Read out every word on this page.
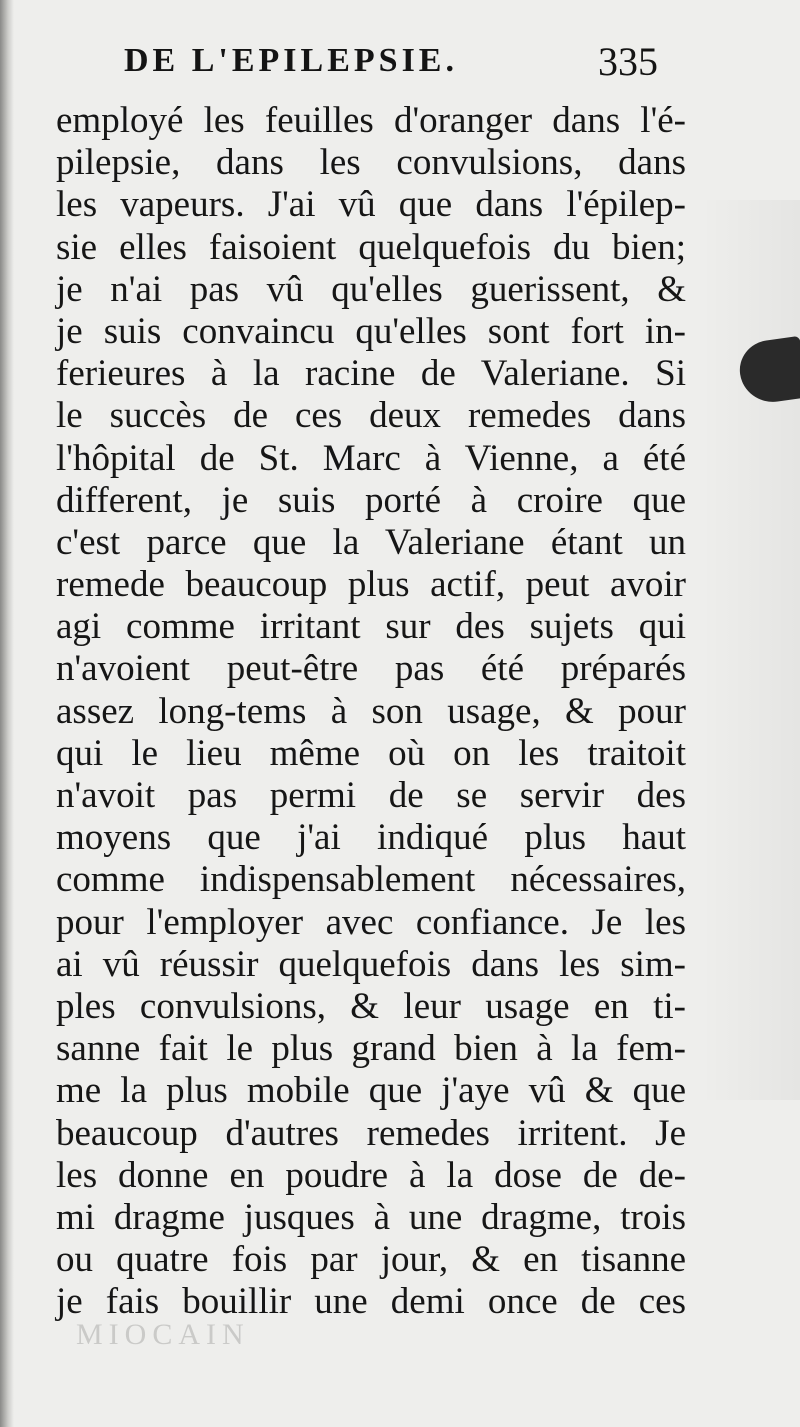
DE L'EPILEPSIE.	335
employé les feuilles d'oranger dans l'é-
pilepsie, dans les convulsions, dans
les vapeurs. J'ai vû que dans l'épilep-
sie elles faisoient quelquefois du bien;
je n'ai pas vû qu'elles guerissent, &
je suis convaincu qu'elles sont fort in-
ferieures à la racine de Valeriane. Si
le succès de ces deux remedes dans
l'hôpital de St. Marc à Vienne, a été
different, je suis porté à croire que
c'est parce que la Valeriane étant un
remede beaucoup plus actif, peut avoir
agi comme irritant sur des sujets qui
n'avoient peut-être pas été préparés
assez long-tems à son usage, & pour
qui le lieu même où on les traitoit
n'avoit pas permi de se servir des
moyens que j'ai indiqué plus haut
comme indispensablement nécessaires,
pour l'employer avec confiance. Je les
ai vû réussir quelquefois dans les sim-
ples convulsions, & leur usage en ti-
sanne fait le plus grand bien à la fem-
me la plus mobile que j'aye vû & que
beaucoup d'autres remedes irritent. Je
les donne en poudre à la dose de de-
mi dragme jusques à une dragme, trois
ou quatre fois par jour, & en tisanne
je fais bouillir une demi once de ces
MIOCAIN
